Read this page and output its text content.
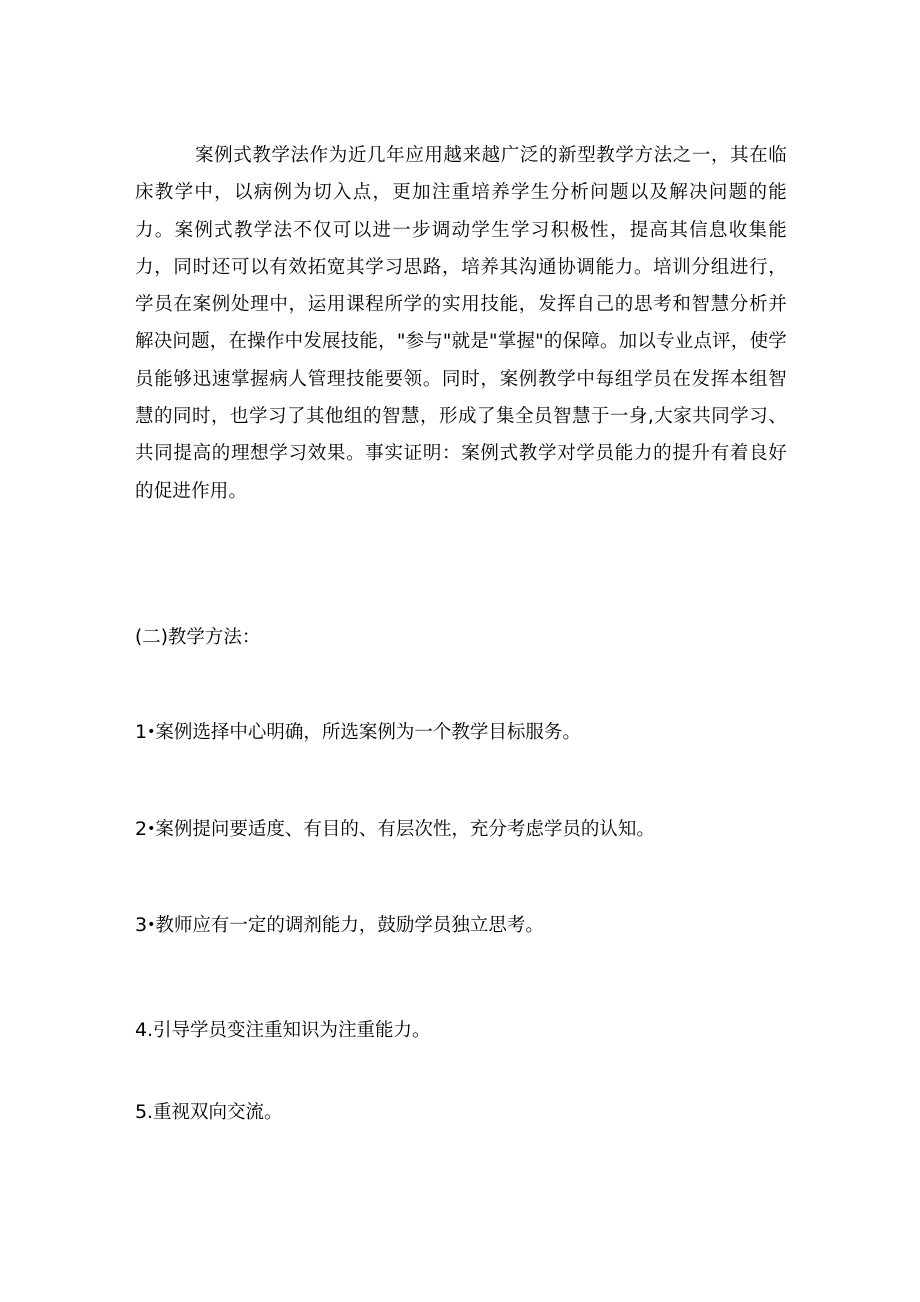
案例式教学法作为近几年应用越来越广泛的新型教学方法之一，其在临床教学中，以病例为切入点，更加注重培养学生分析问题以及解决问题的能力。案例式教学法不仅可以进一步调动学生学习积极性，提高其信息收集能力，同时还可以有效拓宽其学习思路，培养其沟通协调能力。培训分组进行，学员在案例处理中，运用课程所学的实用技能，发挥自己的思考和智慧分析并解决问题，在操作中发展技能，"参与"就是"掌握"的保障。加以专业点评，使学员能够迅速掌握病人管理技能要领。同时，案例教学中每组学员在发挥本组智慧的同时，也学习了其他组的智慧，形成了集全员智慧于一身,大家共同学习、共同提高的理想学习效果。事实证明：案例式教学对学员能力的提升有着良好的促进作用。

(二)教学方法：

1•案例选择中心明确，所选案例为一个教学目标服务。

2•案例提问要适度、有目的、有层次性，充分考虑学员的认知。

3•教师应有一定的调剂能力，鼓励学员独立思考。

4.引导学员变注重知识为注重能力。

5.重视双向交流。
